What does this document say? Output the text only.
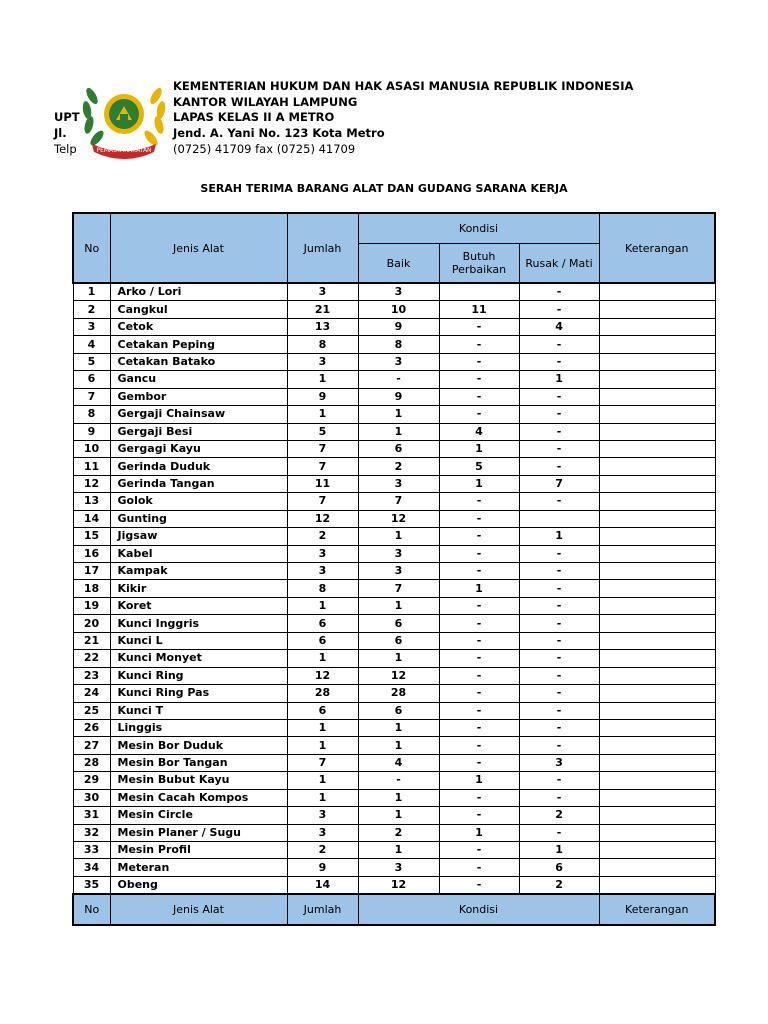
PEMASYARAKATAN
KEMENTERIAN HUKUM DAN HAK ASASI MANUSIA REPUBLIK INDONESIA
KANTOR WILAYAH LAMPUNG
UPT	LAPAS KELAS II A METRO
Jl.	Jend. A. Yani No. 123 Kota Metro
Telp	(0725) 41709 fax (0725) 41709
SERAH TERIMA BARANG ALAT DAN GUDANG SARANA KERJA
No	Jenis Alat	Jumlah	Kondisi			Keterangan
			Baik	Butuh Perbaikan	Rusak / Mati	
1	Arko / Lori	3	3		-	
2	Cangkul	21	10	11	-	
3	Cetok	13	9	-	4	
4	Cetakan Peping	8	8	-	-	
5	Cetakan Batako	3	3	-	-	
6	Gancu	1	-	-	1	
7	Gembor	9	9	-	-	
8	Gergaji Chainsaw	1	1	-	-	
9	Gergaji Besi	5	1	4	-	
10	Gergagi Kayu	7	6	1	-	
11	Gerinda Duduk	7	2	5	-	
12	Gerinda Tangan	11	3	1	7	
13	Golok	7	7	-	-	
14	Gunting	12	12	-		
15	Jigsaw	2	1	-	1	
16	Kabel	3	3	-	-	
17	Kampak	3	3	-	-	
18	Kikir	8	7	1	-	
19	Koret	1	1	-	-	
20	Kunci Inggris	6	6	-	-	
21	Kunci L	6	6	-	-	
22	Kunci Monyet	1	1	-	-	
23	Kunci Ring	12	12	-	-	
24	Kunci Ring Pas	28	28	-	-	
25	Kunci T	6	6	-	-	
26	Linggis	1	1	-	-	
27	Mesin Bor Duduk	1	1	-	-	
28	Mesin Bor Tangan	7	4	-	3	
29	Mesin Bubut Kayu	1	-	1	-	
30	Mesin Cacah Kompos	1	1	-	-	
31	Mesin Circle	3	1	-	2	
32	Mesin Planer / Sugu	3	2	1	-	
33	Mesin Profil	2	1	-	1	
34	Meteran	9	3	-	6	
35	Obeng	14	12	-	2	
No	Jenis Alat	Jumlah	Kondisi			Keterangan
